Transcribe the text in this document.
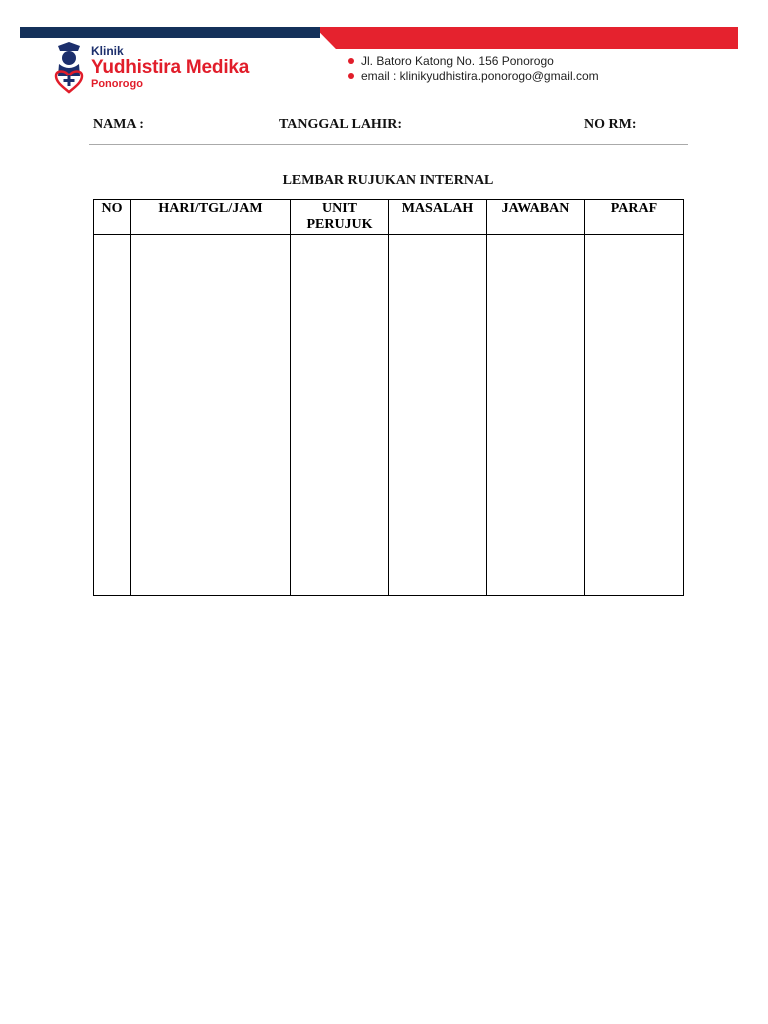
Klinik
Yudhistira Medika
Ponorogo
Jl. Batoro Katong No. 156 Ponorogo
email : klinikyudhistira.ponorogo@gmail.com
NAMA :	TANGGAL LAHIR:	NO RM:
LEMBAR RUJUKAN INTERNAL
NO	HARI/TGL/JAM	UNIT PERUJUK	MASALAH	JAWABAN	PARAF
